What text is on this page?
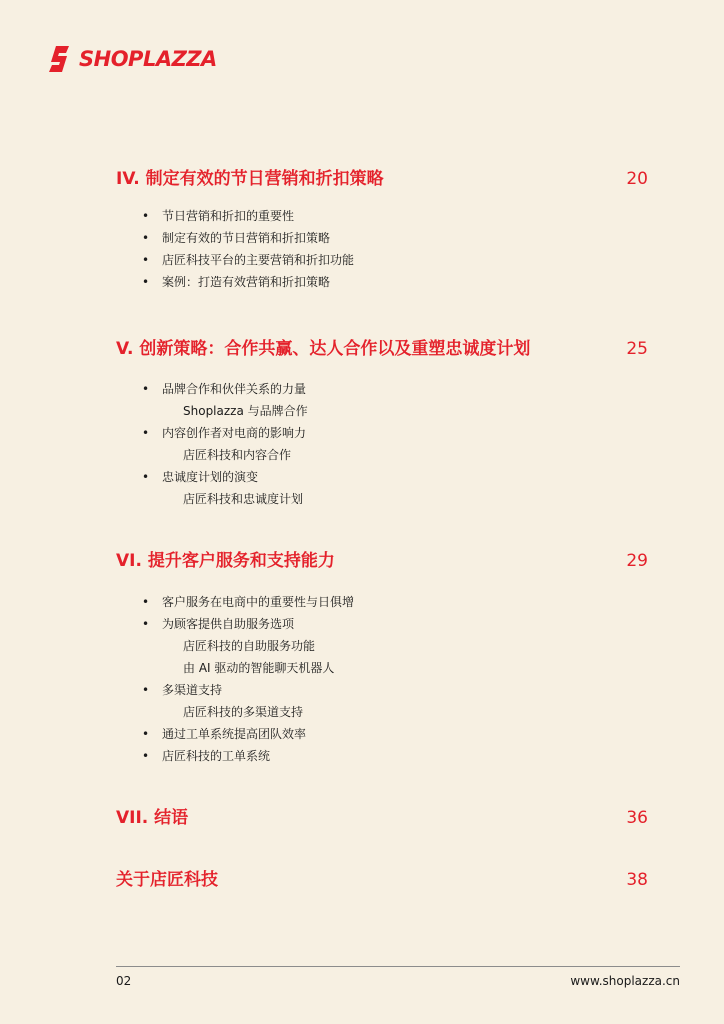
SHOPLAZZA
IV. 制定有效的节日营销和折扣策略	20
• 节日营销和折扣的重要性
• 制定有效的节日营销和折扣策略
• 店匠科技平台的主要营销和折扣功能
• 案例：打造有效营销和折扣策略
V. 创新策略：合作共赢、达人合作以及重塑忠诚度计划	25
• 品牌合作和伙伴关系的力量
Shoplazza 与品牌合作
• 内容创作者对电商的影响力
店匠科技和内容合作
• 忠诚度计划的演变
店匠科技和忠诚度计划
VI. 提升客户服务和支持能力	29
• 客户服务在电商中的重要性与日俱增
• 为顾客提供自助服务选项
店匠科技的自助服务功能
由 AI 驱动的智能聊天机器人
• 多渠道支持
店匠科技的多渠道支持
• 通过工单系统提高团队效率
• 店匠科技的工单系统
VII. 结语	36
关于店匠科技	38
02	www.shoplazza.cn
